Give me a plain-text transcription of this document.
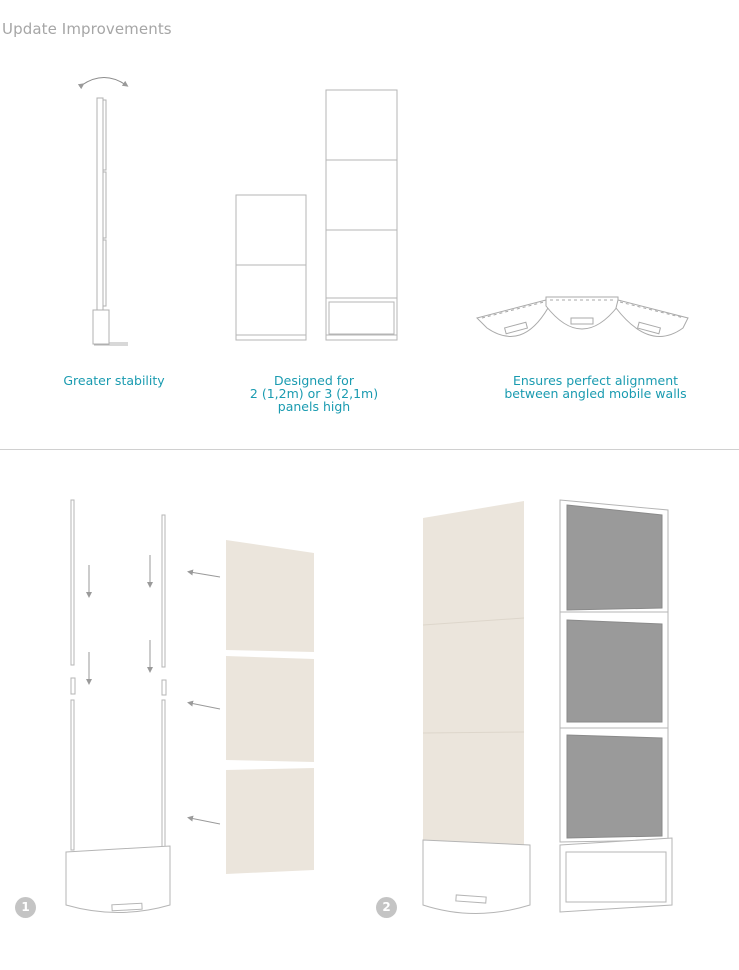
Update Improvements
Greater stability	Designed for
2 (1,2m) or 3 (2,1m)
panels high
Ensures perfect alignment
between angled mobile walls
1	2
